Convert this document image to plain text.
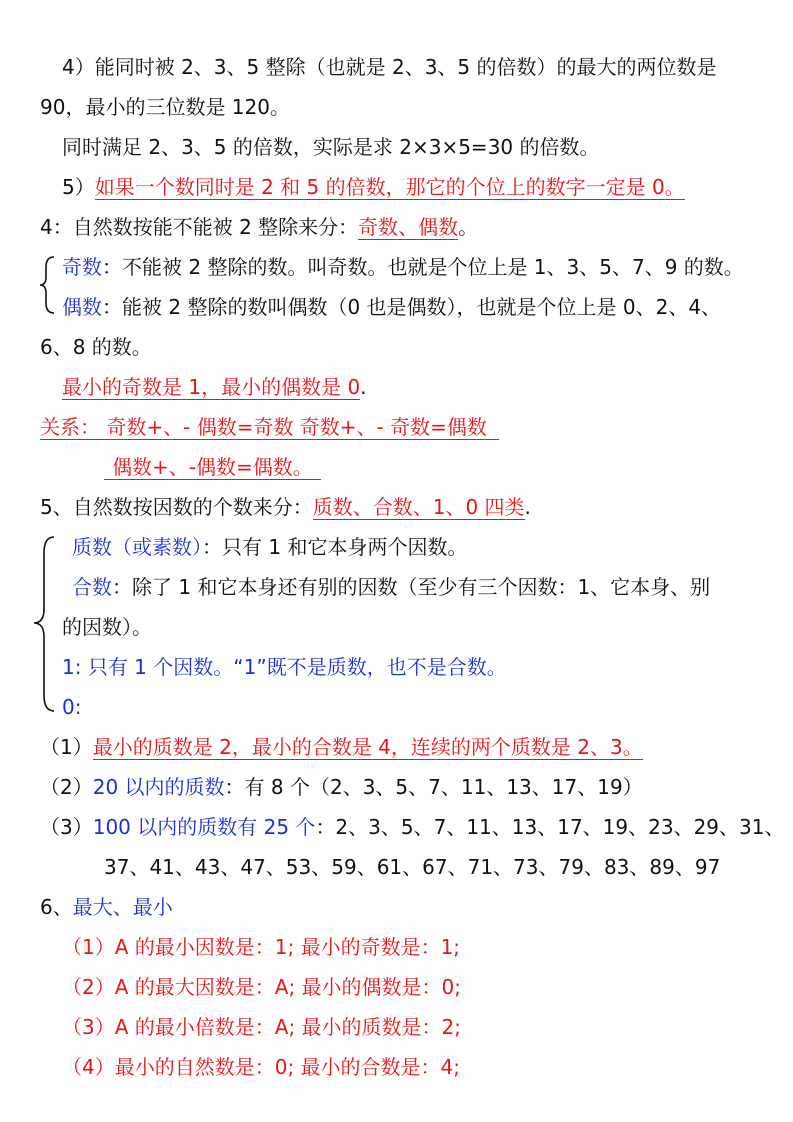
4）能同时被 2、3、5 整除（也就是 2、3、5 的倍数）的最大的两位数是
90，最小的三位数是 120。
同时满足 2、3、5 的倍数，实际是求 2×3×5=30 的倍数。
5）如果一个数同时是 2 和 5 的倍数，那它的个位上的数字一定是 0。
4：自然数按能不能被 2 整除来分：奇数、偶数。
奇数：不能被 2 整除的数。叫奇数。也就是个位上是 1、3、5、7、9 的数。
偶数：能被 2 整除的数叫偶数（0 也是偶数），也就是个位上是 0、2、4、
6、8 的数。
最小的奇数是 1，最小的偶数是 0.
关系： 奇数+、- 偶数=奇数 奇数+、- 奇数=偶数
偶数+、-偶数=偶数。
5、自然数按因数的个数来分：质数、合数、1、0 四类.
质数（或素数）：只有 1 和它本身两个因数。
合数：除了 1 和它本身还有别的因数（至少有三个因数：1、它本身、别
的因数）。
1: 只有 1 个因数。“1”既不是质数，也不是合数。
0:
（1）最小的质数是 2，最小的合数是 4，连续的两个质数是 2、3。
（2）20 以内的质数：有 8 个（2、3、5、7、11、13、17、19）
（3）100 以内的质数有 25 个：2、3、5、7、11、13、17、19、23、29、31、
37、41、43、47、53、59、61、67、71、73、79、83、89、97
6、最大、最小
（1）A 的最小因数是：1; 最小的奇数是：1;
（2）A 的最大因数是：A; 最小的偶数是：0;
（3）A 的最小倍数是：A; 最小的质数是：2;
（4）最小的自然数是：0; 最小的合数是：4;
